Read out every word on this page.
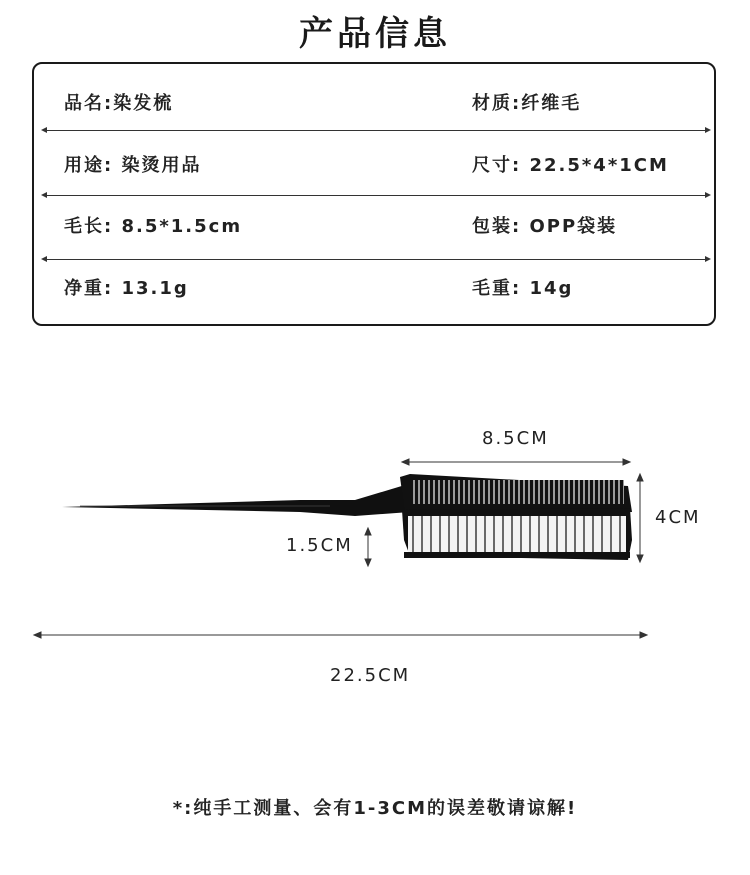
产品信息
品名:染发梳	材质:纤维毛
用途: 染烫用品	尺寸: 22.5*4*1CM
毛长: 8.5*1.5cm	包装: OPP袋装
净重: 13.1g	毛重: 14g
8.5CM
4CM
1.5CM
22.5CM
*:纯手工测量、会有1-3CM的误差敬请谅解!
